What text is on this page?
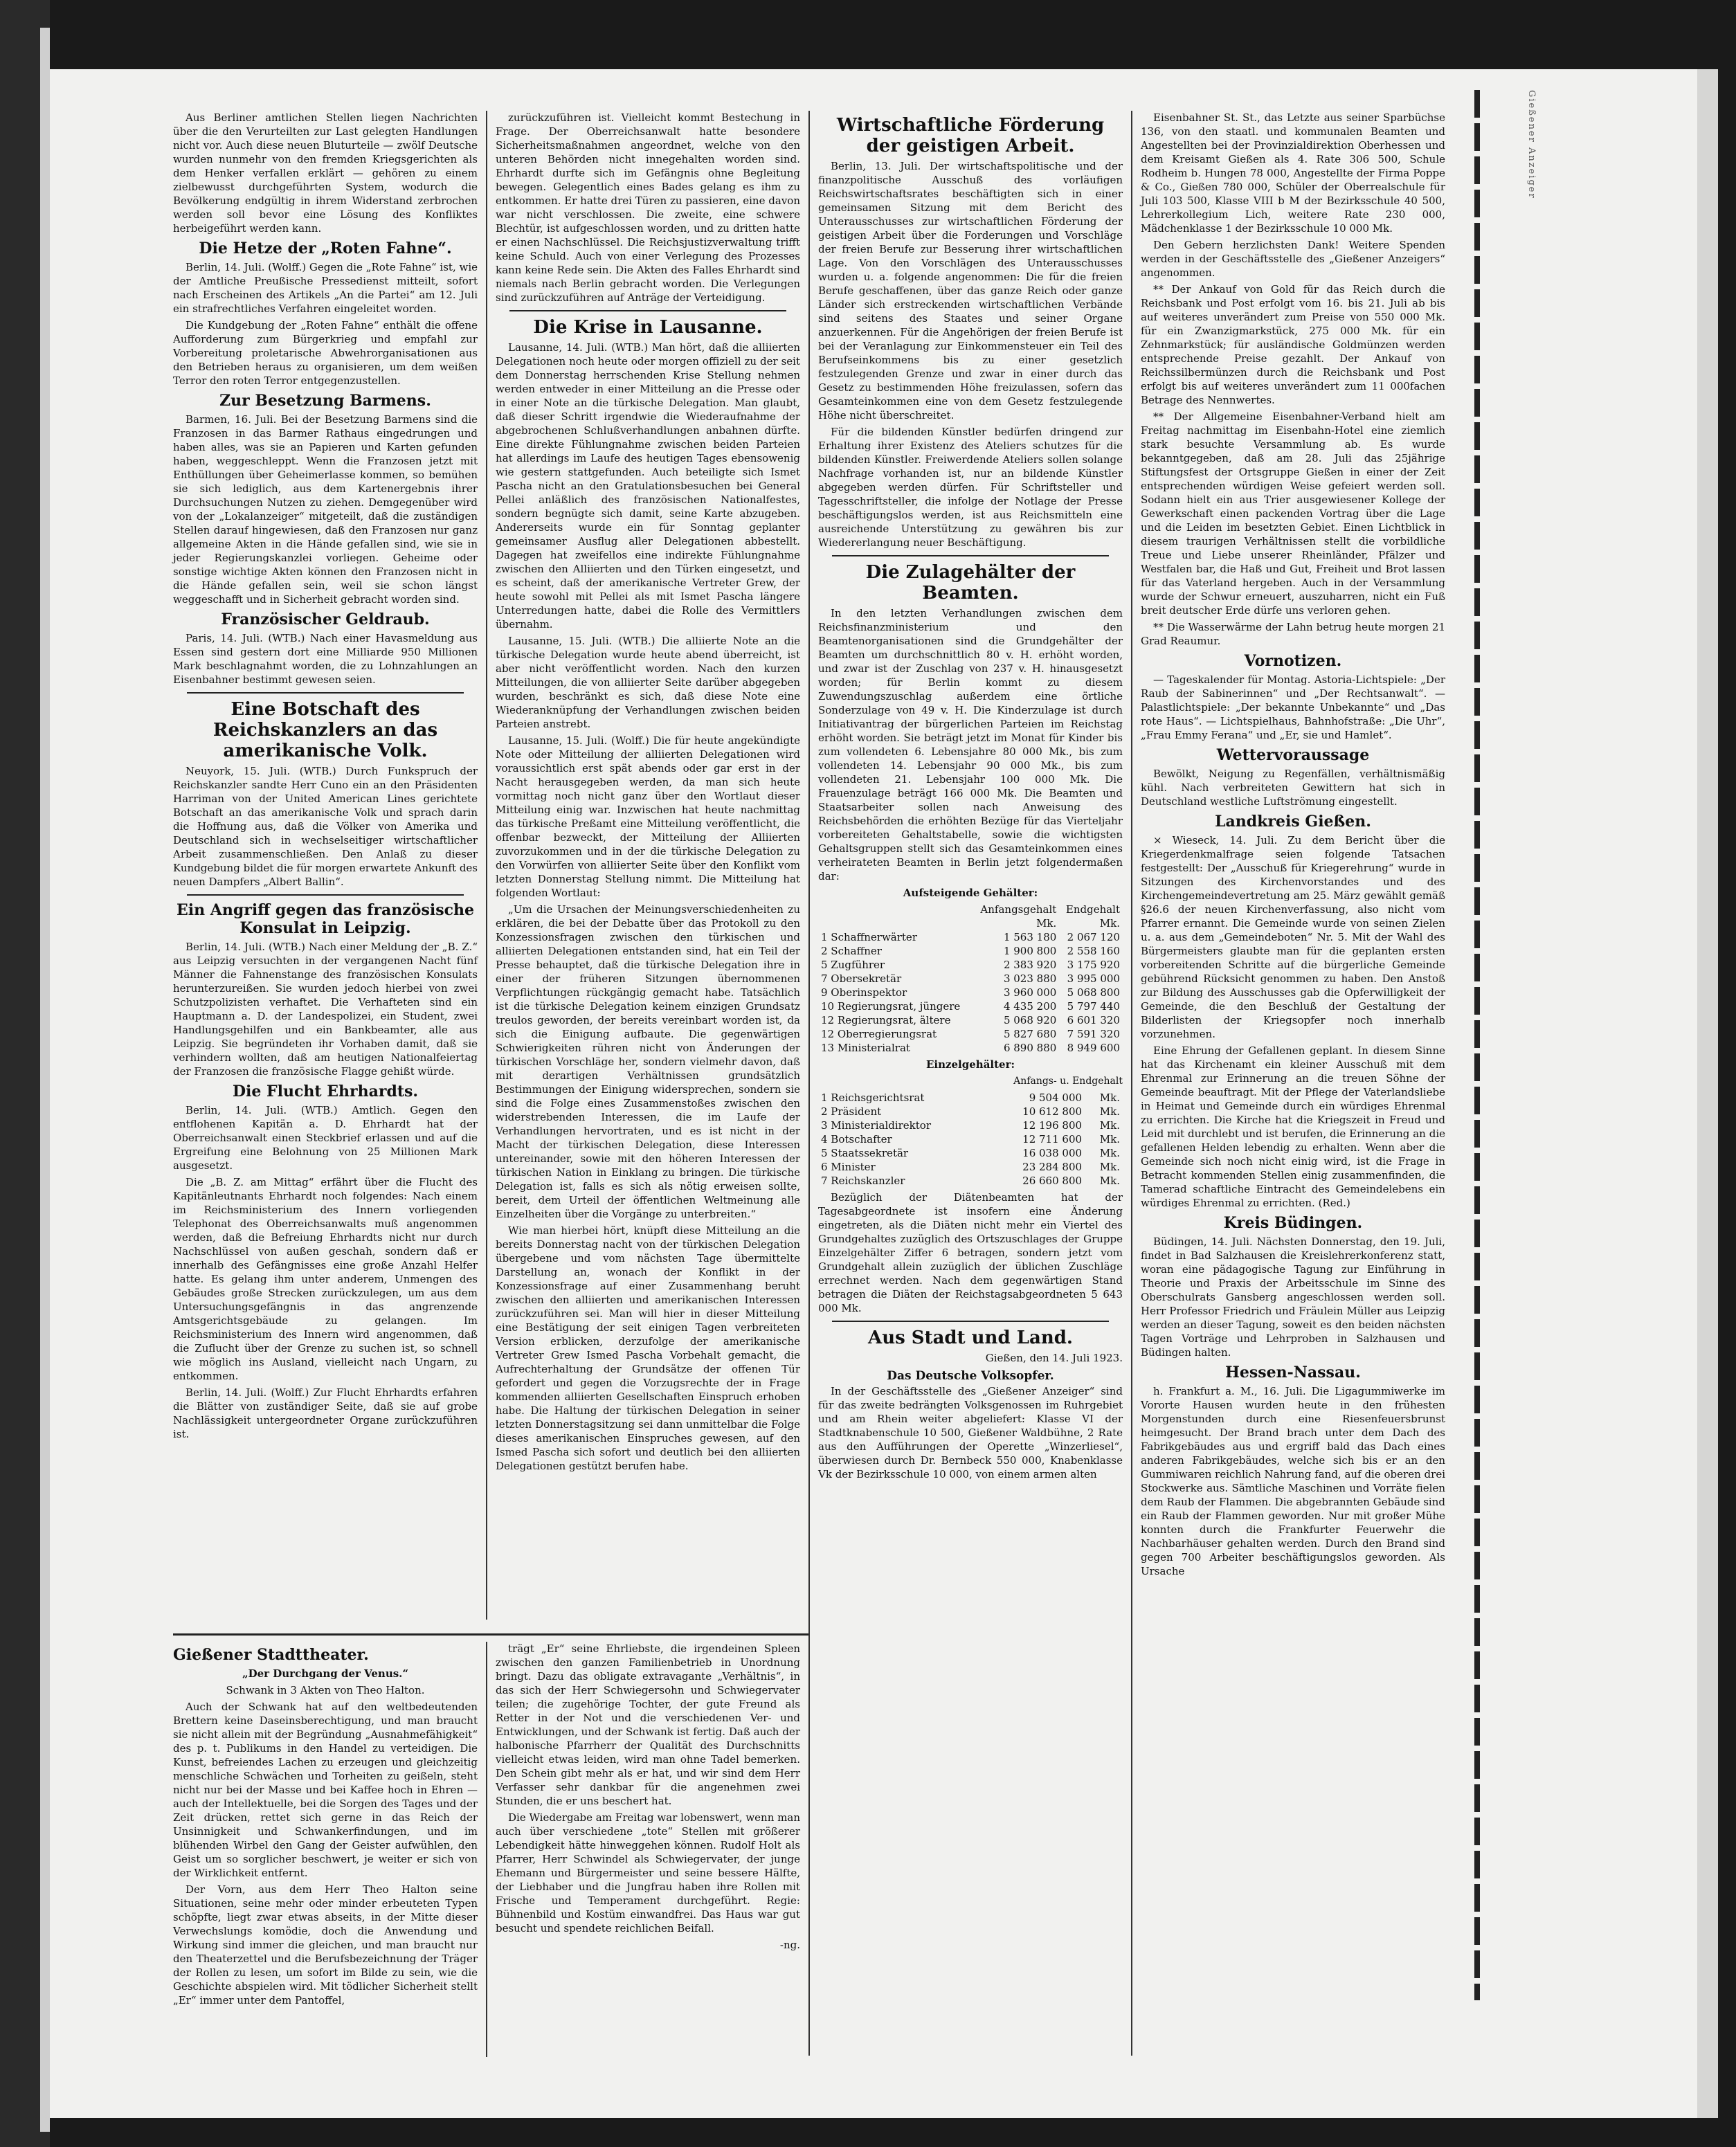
Aus Berliner amtlichen Stellen liegen Nachrichten über die den Verurteilten zur Last gelegten Handlungen nicht vor. Auch diese neuen Bluturteile — zwölf Deutsche wurden nunmehr von den fremden Kriegsgerichten als dem Henker verfallen erklärt — gehören zu einem zielbewusst durchgeführten System, wodurch die Bevölkerung endgültig in ihrem Widerstand zerbrochen werden soll bevor eine Lösung des Konfliktes herbeigeführt werden kann.

Die Hetze der „Roten Fahne“.

Berlin, 14. Juli. (Wolff.) Gegen die „Rote Fahne“ ist, wie der Amtliche Preußische Pressedienst mitteilt, sofort nach Erscheinen des Artikels „An die Partei“ am 12. Juli ein strafrechtliches Verfahren eingeleitet worden.

Die Kundgebung der „Roten Fahne“ enthält die offene Aufforderung zum Bürgerkrieg und empfahl zur Vorbereitung proletarische Abwehrorganisationen aus den Betrieben heraus zu organisieren, um dem weißen Terror den roten Terror entgegenzustellen.

Zur Besetzung Barmens.

Barmen, 16. Juli. Bei der Besetzung Barmens sind die Franzosen in das Barmer Rathaus eingedrungen und haben alles, was sie an Papieren und Karten gefunden haben, weggeschleppt. Wenn die Franzosen jetzt mit Enthüllungen über Geheimerlasse kommen, so bemühen sie sich lediglich, aus dem Kartenergebnis ihrer Durchsuchungen Nutzen zu ziehen. Demgegenüber wird von der „Lokalanzeiger“ mitgeteilt, daß die zuständigen Stellen darauf hingewiesen, daß den Franzosen nur ganz allgemeine Akten in die Hände gefallen sind, wie sie in jeder Regierungskanzlei vorliegen. Geheime oder sonstige wichtige Akten können den Franzosen nicht in die Hände gefallen sein, weil sie schon längst weggeschafft und in Sicherheit gebracht worden sind.

Französischer Geldraub.

Paris, 14. Juli. (WTB.) Nach einer Havasmeldung aus Essen sind gestern dort eine Milliarde 950 Millionen Mark beschlagnahmt worden, die zu Lohnzahlungen an Eisenbahner bestimmt gewesen seien.

Eine Botschaft des Reichskanzlers an das amerikanische Volk.

Neuyork, 15. Juli. (WTB.) Durch Funkspruch der Reichskanzler sandte Herr Cuno ein an den Präsidenten Harriman von der United American Lines gerichtete Botschaft an das amerikanische Volk und sprach darin die Hoffnung aus, daß die Völker von Amerika und Deutschland sich in wechselseitiger wirtschaftlicher Arbeit zusammenschließen. Den Anlaß zu dieser Kundgebung bildet die für morgen erwartete Ankunft des neuen Dampfers „Albert Ballin“.

Ein Angriff gegen das französische Konsulat in Leipzig.

Berlin, 14. Juli. (WTB.) Nach einer Meldung der „B. Z.“ aus Leipzig versuchten in der vergangenen Nacht fünf Männer die Fahnenstange des französischen Konsulats herunterzureißen. Sie wurden jedoch hierbei von zwei Schutzpolizisten verhaftet. Die Verhafteten sind ein Hauptmann a. D. der Landespolizei, ein Student, zwei Handlungsgehilfen und ein Bankbeamter, alle aus Leipzig. Sie begründeten ihr Vorhaben damit, daß sie verhindern wollten, daß am heutigen Nationalfeiertag der Franzosen die französische Flagge gehißt würde.

Die Flucht Ehrhardts.

Berlin, 14. Juli. (WTB.) Amtlich. Gegen den entflohenen Kapitän a. D. Ehrhardt hat der Oberreichsanwalt einen Steckbrief erlassen und auf die Ergreifung eine Belohnung von 25 Millionen Mark ausgesetzt.

Die „B. Z. am Mittag“ erfährt über die Flucht des Kapitänleutnants Ehrhardt noch folgendes: Nach einem im Reichsministerium des Innern vorliegenden Telephonat des Oberreichsanwalts muß angenommen werden, daß die Befreiung Ehrhardts nicht nur durch Nachschlüssel von außen geschah, sondern daß er innerhalb des Gefängnisses eine große Anzahl Helfer hatte. Es gelang ihm unter anderem, Unmengen des Gebäudes große Strecken zurückzulegen, um aus dem Untersuchungsgefängnis in das angrenzende Amtsgerichtsgebäude zu gelangen. Im Reichsministerium des Innern wird angenommen, daß die Zuflucht über der Grenze zu suchen ist, so schnell wie möglich ins Ausland, vielleicht nach Ungarn, zu entkommen.

Berlin, 14. Juli. (Wolff.) Zur Flucht Ehrhardts erfahren die Blätter von zuständiger Seite, daß sie auf grobe Nachlässigkeit untergeordneter Organe zurückzuführen ist.

zurückzuführen ist. Vielleicht kommt Bestechung in Frage. Der Oberreichsanwalt hatte besondere Sicherheitsmaßnahmen angeordnet, welche von den unteren Behörden nicht innegehalten worden sind. Ehrhardt durfte sich im Gefängnis ohne Begleitung bewegen. Gelegentlich eines Bades gelang es ihm zu entkommen. Er hatte drei Türen zu passieren, eine davon war nicht verschlossen. Die zweite, eine schwere Blechtür, ist aufgeschlossen worden, und zu dritten hatte er einen Nachschlüssel. Die Reichsjustizverwaltung trifft keine Schuld. Auch von einer Verlegung des Prozesses kann keine Rede sein. Die Akten des Falles Ehrhardt sind niemals nach Berlin gebracht worden. Die Verlegungen sind zurückzuführen auf Anträge der Verteidigung.

Die Krise in Lausanne.

Lausanne, 14. Juli. (WTB.) Man hört, daß die alliierten Delegationen noch heute oder morgen offiziell zu der seit dem Donnerstag herrschenden Krise Stellung nehmen werden entweder in einer Mitteilung an die Presse oder in einer Note an die türkische Delegation. Man glaubt, daß dieser Schritt irgendwie die Wiederaufnahme der abgebrochenen Schlußverhandlungen anbahnen dürfte. Eine direkte Fühlungnahme zwischen beiden Parteien hat allerdings im Laufe des heutigen Tages ebensowenig wie gestern stattgefunden. Auch beteiligte sich Ismet Pascha nicht an den Gratulationsbesuchen bei General Pellei anläßlich des französischen Nationalfestes, sondern begnügte sich damit, seine Karte abzugeben. Andererseits wurde ein für Sonntag geplanter gemeinsamer Ausflug aller Delegationen abbestellt. Dagegen hat zweifellos eine indirekte Fühlungnahme zwischen den Alliierten und den Türken eingesetzt, und es scheint, daß der amerikanische Vertreter Grew, der heute sowohl mit Pellei als mit Ismet Pascha längere Unterredungen hatte, dabei die Rolle des Vermittlers übernahm.

Lausanne, 15. Juli. (WTB.) Die alliierte Note an die türkische Delegation wurde heute abend überreicht, ist aber nicht veröffentlicht worden. Nach den kurzen Mitteilungen, die von alliierter Seite darüber abgegeben wurden, beschränkt es sich, daß diese Note eine Wiederanknüpfung der Verhandlungen zwischen beiden Parteien anstrebt.

Lausanne, 15. Juli. (Wolff.) Die für heute angekündigte Note oder Mitteilung der alliierten Delegationen wird voraussichtlich erst spät abends oder gar erst in der Nacht herausgegeben werden, da man sich heute vormittag noch nicht ganz über den Wortlaut dieser Mitteilung einig war. Inzwischen hat heute nachmittag das türkische Preßamt eine Mitteilung veröffentlicht, die offenbar bezweckt, der Mitteilung der Alliierten zuvorzukommen und in der die türkische Delegation zu den Vorwürfen von alliierter Seite über den Konflikt vom letzten Donnerstag Stellung nimmt. Die Mitteilung hat folgenden Wortlaut:

„Um die Ursachen der Meinungsverschiedenheiten zu erklären, die bei der Debatte über das Protokoll zu den Konzessionsfragen zwischen den türkischen und alliierten Delegationen entstanden sind, hat ein Teil der Presse behauptet, daß die türkische Delegation ihre in einer der früheren Sitzungen übernommenen Verpflichtungen rückgängig gemacht habe. Tatsächlich ist die türkische Delegation keinem einzigen Grundsatz treulos geworden, der bereits vereinbart worden ist, da sich die Einigung aufbaute. Die gegenwärtigen Schwierigkeiten rühren nicht von Änderungen der türkischen Vorschläge her, sondern vielmehr davon, daß mit derartigen Verhältnissen grundsätzlich Bestimmungen der Einigung widersprechen, sondern sie sind die Folge eines Zusammenstoßes zwischen den widerstrebenden Interessen, die im Laufe der Verhandlungen hervortraten, und es ist nicht in der Macht der türkischen Delegation, diese Interessen untereinander, sowie mit den höheren Interessen der türkischen Nation in Einklang zu bringen. Die türkische Delegation ist, falls es sich als nötig erweisen sollte, bereit, dem Urteil der öffentlichen Weltmeinung alle Einzelheiten über die Vorgänge zu unterbreiten.“

Wie man hierbei hört, knüpft diese Mitteilung an die bereits Donnerstag nacht von der türkischen Delegation übergebene und vom nächsten Tage übermittelte Darstellung an, wonach der Konflikt in der Konzessionsfrage auf einer Zusammenhang beruht zwischen den alliierten und amerikanischen Interessen zurückzuführen sei. Man will hier in dieser Mitteilung eine Bestätigung der seit einigen Tagen verbreiteten Version erblicken, derzufolge der amerikanische Vertreter Grew Ismed Pascha Vorbehalt gemacht, die Aufrechterhaltung der Grundsätze der offenen Tür gefordert und gegen die Vorzugsrechte der in Frage kommenden alliierten Gesellschaften Einspruch erhoben habe. Die Haltung der türkischen Delegation in seiner letzten Donnerstagsitzung sei dann unmittelbar die Folge dieses amerikanischen Einspruches gewesen, auf den Ismed Pascha sich sofort und deutlich bei den alliierten Delegationen gestützt berufen habe.

Wirtschaftliche Förderung der geistigen Arbeit.

Berlin, 13. Juli. Der wirtschaftspolitische und der finanzpolitische Ausschuß des vorläufigen Reichswirtschaftsrates beschäftigten sich in einer gemeinsamen Sitzung mit dem Bericht des Unterausschusses zur wirtschaftlichen Förderung der geistigen Arbeit über die Forderungen und Vorschläge der freien Berufe zur Besserung ihrer wirtschaftlichen Lage. Von den Vorschlägen des Unterausschusses wurden u. a. folgende angenommen: Die für die freien Berufe geschaffenen, über das ganze Reich oder ganze Länder sich erstreckenden wirtschaftlichen Verbände sind seitens des Staates und seiner Organe anzuerkennen. Für die Angehörigen der freien Berufe ist bei der Veranlagung zur Einkommensteuer ein Teil des Berufseinkommens bis zu einer gesetzlich festzulegenden Grenze und zwar in einer durch das Gesetz zu bestimmenden Höhe freizulassen, sofern das Gesamteinkommen eine von dem Gesetz festzulegende Höhe nicht überschreitet.

Für die bildenden Künstler bedürfen dringend zur Erhaltung ihrer Existenz des Ateliers schutzes für die bildenden Künstler. Freiwerdende Ateliers sollen solange Nachfrage vorhanden ist, nur an bildende Künstler abgegeben werden dürfen. Für Schriftsteller und Tagesschriftsteller, die infolge der Notlage der Presse beschäftigungslos werden, ist aus Reichsmitteln eine ausreichende Unterstützung zu gewähren bis zur Wiedererlangung neuer Beschäftigung.

Die Zulagehälter der Beamten.

In den letzten Verhandlungen zwischen dem Reichsfinanzministerium und den Beamtenorganisationen sind die Grundgehälter der Beamten um durchschnittlich 80 v. H. erhöht worden, und zwar ist der Zuschlag von 237 v. H. hinausgesetzt worden; für Berlin kommt zu diesem Zuwendungszuschlag außerdem eine örtliche Sonderzulage von 49 v. H. Die Kinderzulage ist durch Initiativantrag der bürgerlichen Parteien im Reichstag erhöht worden. Sie beträgt jetzt im Monat für Kinder bis zum vollendeten 6. Lebensjahre 80 000 Mk., bis zum vollendeten 14. Lebensjahr 90 000 Mk., bis zum vollendeten 21. Lebensjahr 100 000 Mk. Die Frauenzulage beträgt 166 000 Mk. Die Beamten und Staatsarbeiter sollen nach Anweisung des Reichsbehörden die erhöhten Bezüge für das Vierteljahr vorbereiteten Gehaltstabelle, sowie die wichtigsten Gehaltsgruppen stellt sich das Gesamteinkommen eines verheirateten Beamten in Berlin jetzt folgendermaßen dar:

Aufsteigende Gehälter:
	Anfangsgehalt	Endgehalt
	Mk.	Mk.
1 Schaffnerwärter	1 563 180	2 067 120
2 Schaffner	1 900 800	2 558 160
5 Zugführer	2 383 920	3 175 920
7 Obersekretär	3 023 880	3 995 000
9 Oberinspektor	3 960 000	5 068 800
10 Regierungsrat, jüngere	4 435 200	5 797 440
12 Regierungsrat, ältere	5 068 920	6 601 320
12 Oberregierungsrat	5 827 680	7 591 320
13 Ministerialrat	6 890 880	8 949 600
Einzelgehälter:
Anfangs- u. Endgehalt
1 Reichsgerichtsrat	9 504 000	Mk.
2 Präsident	10 612 800	Mk.
3 Ministerialdirektor	12 196 800	Mk.
4 Botschafter	12 711 600	Mk.
5 Staatssekretär	16 038 000	Mk.
6 Minister	23 284 800	Mk.
7 Reichskanzler	26 660 800	Mk.

Bezüglich der Diätenbeamten hat der Tagesabgeordnete ist insofern eine Änderung eingetreten, als die Diäten nicht mehr ein Viertel des Grundgehaltes zuzüglich des Ortszuschlages der Gruppe Einzelgehälter Ziffer 6 betragen, sondern jetzt vom Grundgehalt allein zuzüglich der üblichen Zuschläge errechnet werden. Nach dem gegenwärtigen Stand betragen die Diäten der Reichstagsabgeordneten 5 643 000 Mk.

Aus Stadt und Land.
Gießen, den 14. Juli 1923.
Das Deutsche Volksopfer.

In der Geschäftsstelle des „Gießener Anzeiger“ sind für das zweite bedrängten Volksgenossen im Ruhrgebiet und am Rhein weiter abgeliefert: Klasse VI der Stadtknabenschule 10 500, Gießener Waldbühne, 2 Rate aus den Aufführungen der Operette „Winzerliesel“, überwiesen durch Dr. Bernbeck 550 000, Knabenklasse Vk der Bezirksschule 10 000, von einem armen alten

Eisenbahner St. St., das Letzte aus seiner Sparbüchse 136, von den staatl. und kommunalen Beamten und Angestellten bei der Provinzialdirektion Oberhessen und dem Kreisamt Gießen als 4. Rate 306 500, Schule Rodheim b. Hungen 78 000, Angestellte der Firma Poppe & Co., Gießen 780 000, Schüler der Oberrealschule für Juli 103 500, Klasse VIII b M der Bezirksschule 40 500, Lehrerkollegium Lich, weitere Rate 230 000, Mädchenklasse 1 der Bezirksschule 10 000 Mk.

Den Gebern herzlichsten Dank! Weitere Spenden werden in der Geschäftsstelle des „Gießener Anzeigers“ angenommen.

** Der Ankauf von Gold für das Reich durch die Reichsbank und Post erfolgt vom 16. bis 21. Juli ab bis auf weiteres unverändert zum Preise von 550 000 Mk. für ein Zwanzigmarkstück, 275 000 Mk. für ein Zehnmarkstück; für ausländische Goldmünzen werden entsprechende Preise gezahlt. Der Ankauf von Reichssilbermünzen durch die Reichsbank und Post erfolgt bis auf weiteres unverändert zum 11 000fachen Betrage des Nennwertes.

** Der Allgemeine Eisenbahner-Verband hielt am Freitag nachmittag im Eisenbahn-Hotel eine ziemlich stark besuchte Versammlung ab. Es wurde bekanntgegeben, daß am 28. Juli das 25jährige Stiftungsfest der Ortsgruppe Gießen in einer der Zeit entsprechenden würdigen Weise gefeiert werden soll. Sodann hielt ein aus Trier ausgewiesener Kollege der Gewerkschaft einen packenden Vortrag über die Lage und die Leiden im besetzten Gebiet. Einen Lichtblick in diesem traurigen Verhältnissen stellt die vorbildliche Treue und Liebe unserer Rheinländer, Pfälzer und Westfalen bar, die Haß und Gut, Freiheit und Brot lassen für das Vaterland hergeben. Auch in der Versammlung wurde der Schwur erneuert, auszuharren, nicht ein Fuß breit deutscher Erde dürfe uns verloren gehen.

** Die Wasserwärme der Lahn betrug heute morgen 21 Grad Reaumur.

Vornotizen.

— Tageskalender für Montag. Astoria-Lichtspiele: „Der Raub der Sabinerinnen“ und „Der Rechtsanwalt“. — Palastlichtspiele: „Der bekannte Unbekannte“ und „Das rote Haus“. — Lichtspielhaus, Bahnhofstraße: „Die Uhr“, „Frau Emmy Ferana“ und „Er, sie und Hamlet“.

Wettervoraussage

Bewölkt, Neigung zu Regenfällen, verhältnismäßig kühl. Nach verbreiteten Gewittern hat sich in Deutschland westliche Luftströmung eingestellt.

Landkreis Gießen.

× Wieseck, 14. Juli. Zu dem Bericht über die Kriegerdenkmalfrage seien folgende Tatsachen festgestellt: Der „Ausschuß für Kriegerehrung“ wurde in Sitzungen des Kirchenvorstandes und des Kirchengemeindevertretung am 25. März gewählt gemäß §26.6 der neuen Kirchenverfassung, also nicht vom Pfarrer ernannt. Die Gemeinde wurde von seinen Zielen u. a. aus dem „Gemeindeboten“ Nr. 5. Mit der Wahl des Bürgermeisters glaubte man für die geplanten ersten vorbereitenden Schritte auf die bürgerliche Gemeinde gebührend Rücksicht genommen zu haben. Den Anstoß zur Bildung des Ausschusses gab die Opferwilligkeit der Gemeinde, die den Beschluß der Gestaltung der Bilderlisten der Kriegsopfer noch innerhalb vorzunehmen.

Eine Ehrung der Gefallenen geplant. In diesem Sinne hat das Kirchenamt ein kleiner Ausschuß mit dem Ehrenmal zur Erinnerung an die treuen Söhne der Gemeinde beauftragt. Mit der Pflege der Vaterlandsliebe in Heimat und Gemeinde durch ein würdiges Ehrenmal zu errichten. Die Kirche hat die Kriegszeit in Freud und Leid mit durchlebt und ist berufen, die Erinnerung an die gefallenen Helden lebendig zu erhalten. Wenn aber die Gemeinde sich noch nicht einig wird, ist die Frage in Betracht kommenden Stellen einig zusammenfinden, die Tamerad schaftliche Eintracht des Gemeindelebens ein würdiges Ehrenmal zu errichten. (Red.)

Kreis Büdingen.

Büdingen, 14. Juli. Nächsten Donnerstag, den 19. Juli, findet in Bad Salzhausen die Kreislehrerkonferenz statt, woran eine pädagogische Tagung zur Einführung in Theorie und Praxis der Arbeitsschule im Sinne des Oberschulrats Gansberg angeschlossen werden soll. Herr Professor Friedrich und Fräulein Müller aus Leipzig werden an dieser Tagung, soweit es den beiden nächsten Tagen Vorträge und Lehrproben in Salzhausen und Büdingen halten.

Hessen-Nassau.

h. Frankfurt a. M., 16. Juli. Die Ligagummiwerke im Vororte Hausen wurden heute in den frühesten Morgenstunden durch eine Riesenfeuersbrunst heimgesucht. Der Brand brach unter dem Dach des Fabrikgebäudes aus und ergriff bald das Dach eines anderen Fabrikgebäudes, welche sich bis er an den Gummiwaren reichlich Nahrung fand, auf die oberen drei Stockwerke aus. Sämtliche Maschinen und Vorräte fielen dem Raub der Flammen. Die abgebrannten Gebäude sind ein Raub der Flammen geworden. Nur mit großer Mühe konnten durch die Frankfurter Feuerwehr die Nachbarhäuser gehalten werden. Durch den Brand sind gegen 700 Arbeiter beschäftigungslos geworden. Als Ursache

Gießener Stadttheater.
„Der Durchgang der Venus.“
Schwank in 3 Akten von Theo Halton.

Auch der Schwank hat auf den weltbedeutenden Brettern keine Daseinsberechtigung, und man braucht sie nicht allein mit der Begründung „Ausnahmefähigkeit“ des p. t. Publikums in den Handel zu verteidigen. Die Kunst, befreiendes Lachen zu erzeugen und gleichzeitig menschliche Schwächen und Torheiten zu geißeln, steht nicht nur bei der Masse und bei Kaffee hoch in Ehren — auch der Intellektuelle, bei die Sorgen des Tages und der Zeit drücken, rettet sich gerne in das Reich der Unsinnigkeit und Schwankerfindungen, und im blühenden Wirbel den Gang der Geister aufwühlen, den Geist um so sorglicher beschwert, je weiter er sich von der Wirklichkeit entfernt.

Der Vorn, aus dem Herr Theo Halton seine Situationen, seine mehr oder minder erbeuteten Typen schöpfte, liegt zwar etwas abseits, in der Mitte dieser Verwechslungs komödie, doch die Anwendung und Wirkung sind immer die gleichen, und man braucht nur den Theaterzettel und die Berufsbezeichnung der Träger der Rollen zu lesen, um sofort im Bilde zu sein, wie die Geschichte abspielen wird. Mit tödlicher Sicherheit stellt „Er“ immer unter dem Pantoffel,

trägt „Er“ seine Ehrliebste, die irgendeinen Spleen zwischen den ganzen Familienbetrieb in Unordnung bringt. Dazu das obligate extravagante „Verhältnis“, in das sich der Herr Schwiegersohn und Schwiegervater teilen; die zugehörige Tochter, der gute Freund als Retter in der Not und die verschiedenen Ver- und Entwicklungen, und der Schwank ist fertig. Daß auch der halbonische Pfarrherr der Qualität des Durchschnitts vielleicht etwas leiden, wird man ohne Tadel bemerken. Den Schein gibt mehr als er hat, und wir sind dem Herr Verfasser sehr dankbar für die angenehmen zwei Stunden, die er uns beschert hat.

Die Wiedergabe am Freitag war lobenswert, wenn man auch über verschiedene „tote“ Stellen mit größerer Lebendigkeit hätte hinweggehen können. Rudolf Holt als Pfarrer, Herr Schwindel als Schwiegervater, der junge Ehemann und Bürgermeister und seine bessere Hälfte, der Liebhaber und die Jungfrau haben ihre Rollen mit Frische und Temperament durchgeführt. Regie: Bühnenbild und Kostüm einwandfrei. Das Haus war gut besucht und spendete reichlichen Beifall.

-ng.
Gießener Anzeiger
